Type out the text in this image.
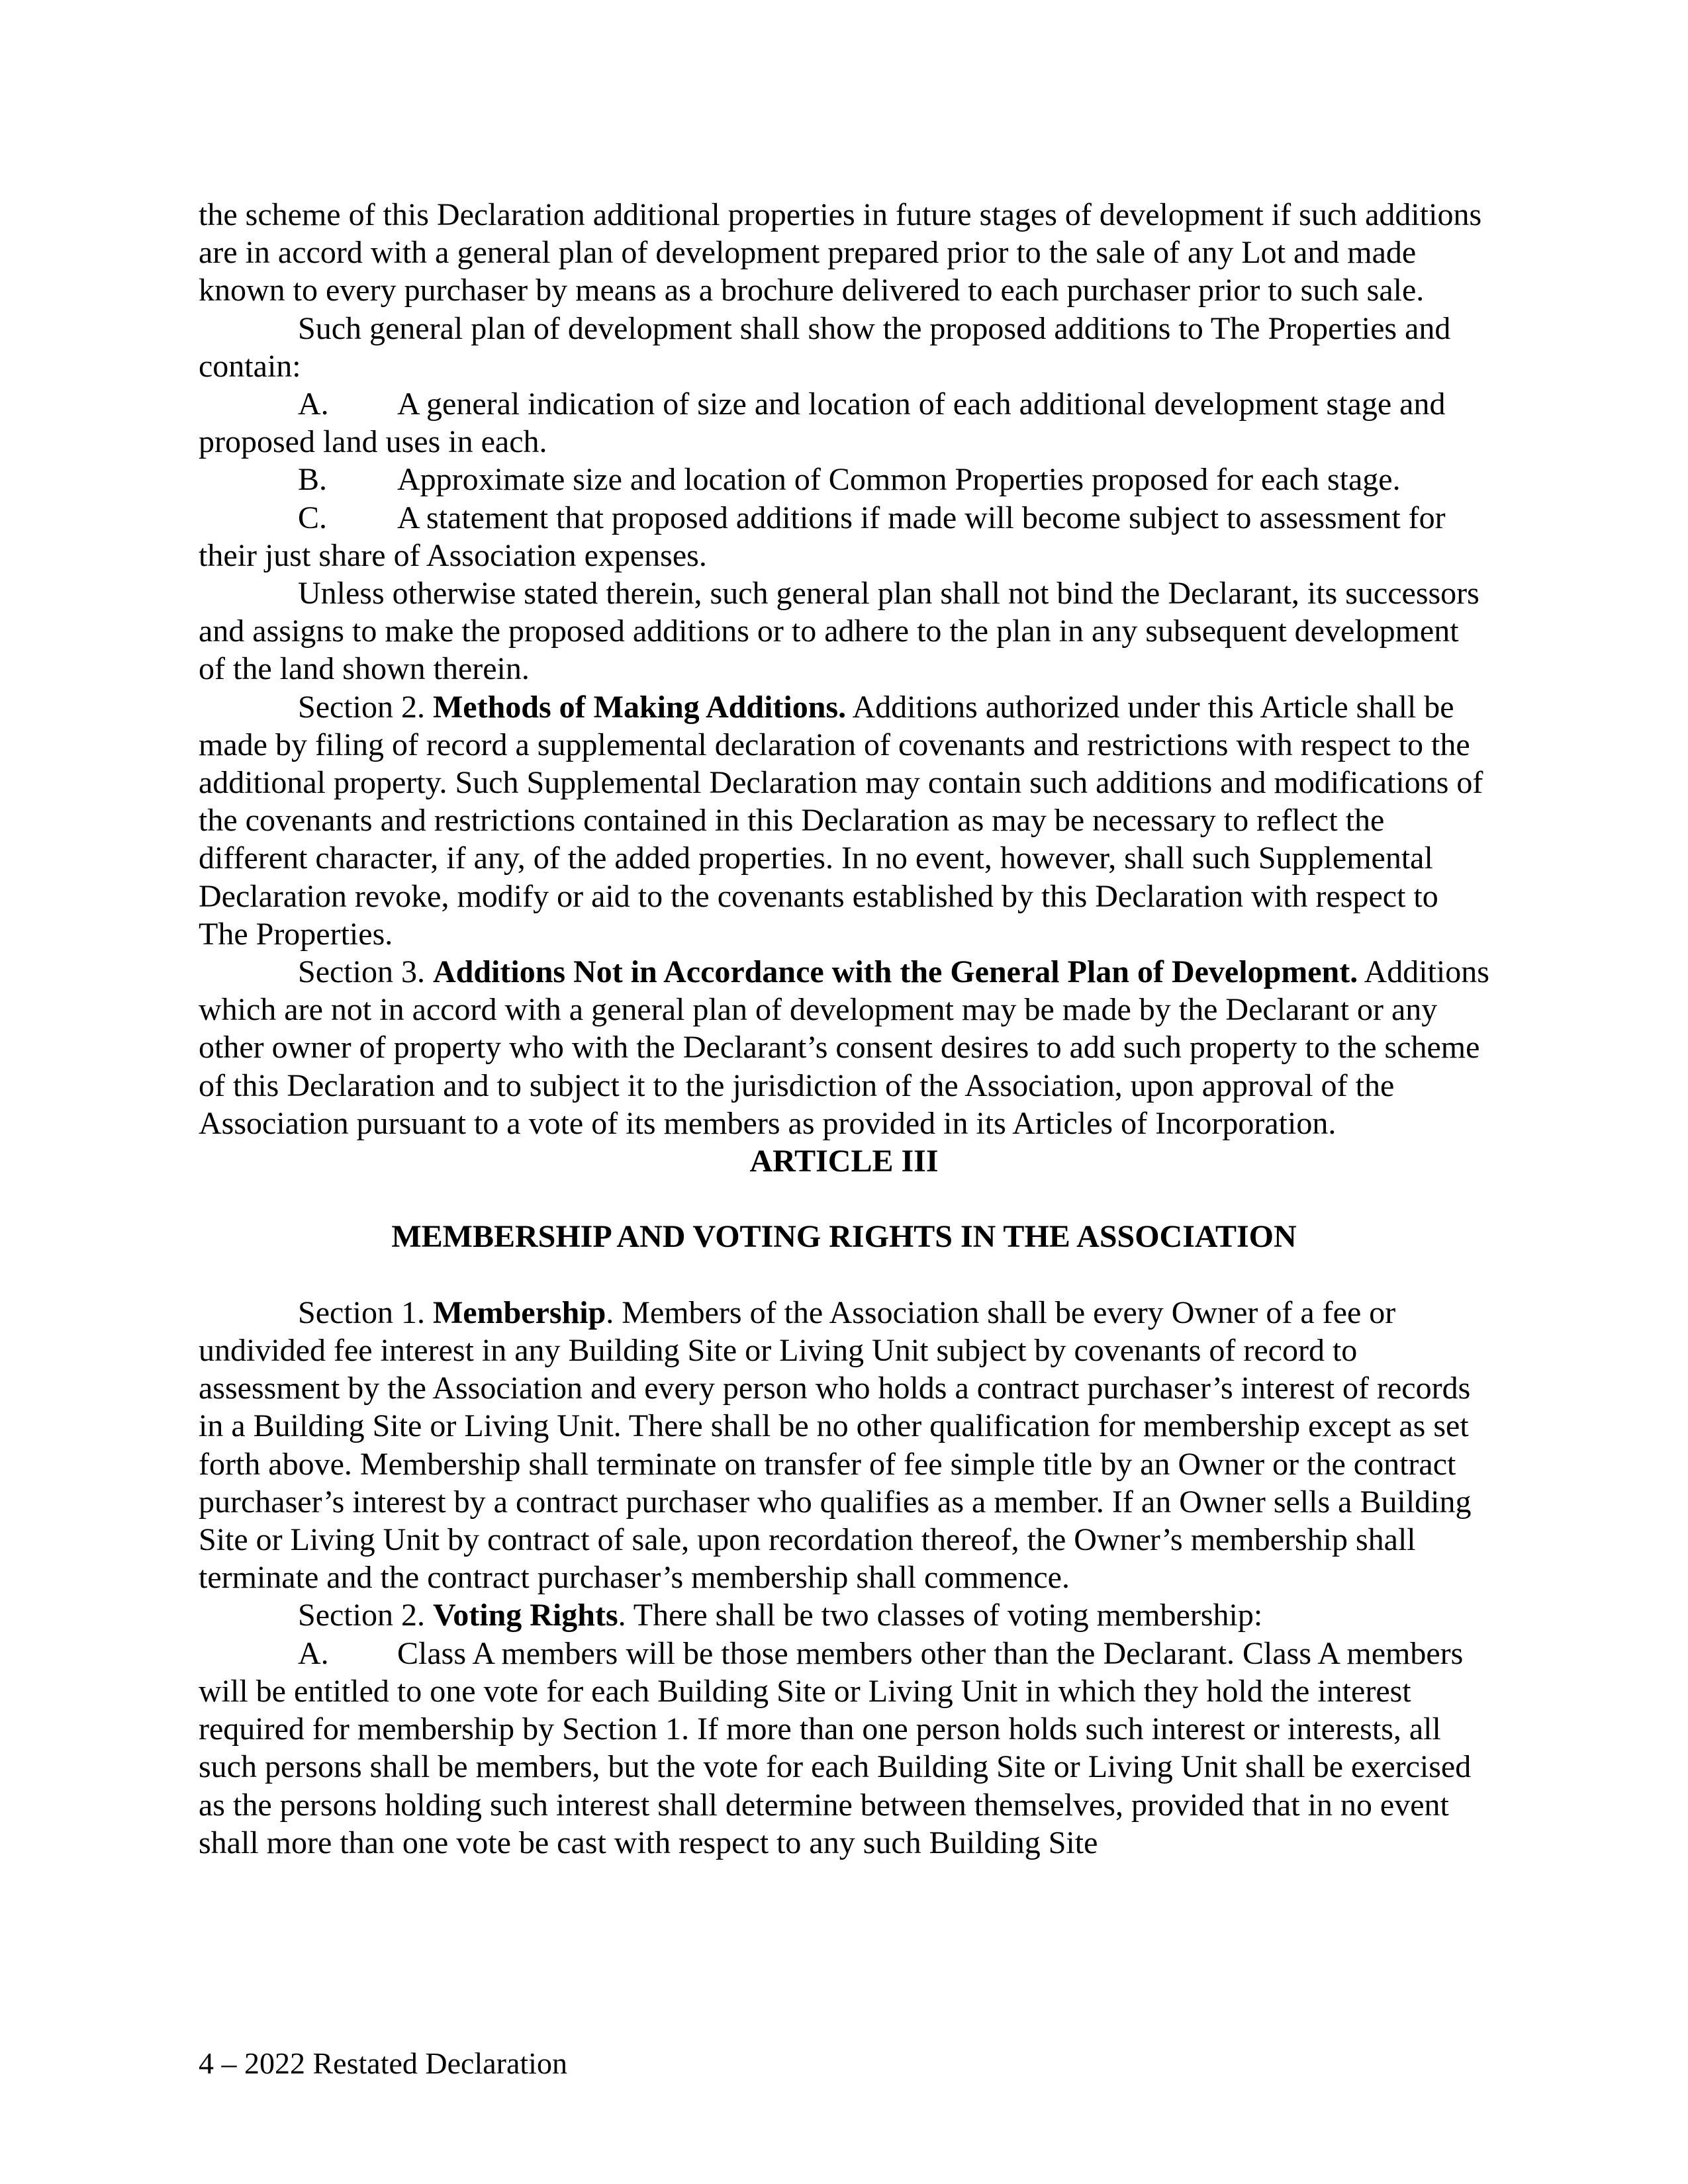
the scheme of this Declaration additional properties in future stages of development if such additions are in accord with a general plan of development prepared prior to the sale of any Lot and made known to every purchaser by means as a brochure delivered to each purchaser prior to such sale.

Such general plan of development shall show the proposed additions to The Properties and contain:

A. A general indication of size and location of each additional development stage and proposed land uses in each.

B. Approximate size and location of Common Properties proposed for each stage.

C. A statement that proposed additions if made will become subject to assessment for their just share of Association expenses.

Unless otherwise stated therein, such general plan shall not bind the Declarant, its successors and assigns to make the proposed additions or to adhere to the plan in any subsequent development of the land shown therein.

Section 2. Methods of Making Additions. Additions authorized under this Article shall be made by filing of record a supplemental declaration of covenants and restrictions with respect to the additional property. Such Supplemental Declaration may contain such additions and modifications of the covenants and restrictions contained in this Declaration as may be necessary to reflect the different character, if any, of the added properties. In no event, however, shall such Supplemental Declaration revoke, modify or aid to the covenants established by this Declaration with respect to The Properties.

Section 3. Additions Not in Accordance with the General Plan of Development. Additions which are not in accord with a general plan of development may be made by the Declarant or any other owner of property who with the Declarant’s consent desires to add such property to the scheme of this Declaration and to subject it to the jurisdiction of the Association, upon approval of the Association pursuant to a vote of its members as provided in its Articles of Incorporation.

ARTICLE III

MEMBERSHIP AND VOTING RIGHTS IN THE ASSOCIATION

Section 1. Membership. Members of the Association shall be every Owner of a fee or undivided fee interest in any Building Site or Living Unit subject by covenants of record to assessment by the Association and every person who holds a contract purchaser’s interest of records in a Building Site or Living Unit. There shall be no other qualification for membership except as set forth above. Membership shall terminate on transfer of fee simple title by an Owner or the contract purchaser’s interest by a contract purchaser who qualifies as a member. If an Owner sells a Building Site or Living Unit by contract of sale, upon recordation thereof, the Owner’s membership shall terminate and the contract purchaser’s membership shall commence.

Section 2. Voting Rights. There shall be two classes of voting membership:

A. Class A members will be those members other than the Declarant. Class A members will be entitled to one vote for each Building Site or Living Unit in which they hold the interest required for membership by Section 1. If more than one person holds such interest or interests, all such persons shall be members, but the vote for each Building Site or Living Unit shall be exercised as the persons holding such interest shall determine between themselves, provided that in no event shall more than one vote be cast with respect to any such Building Site

4 – 2022 Restated Declaration
